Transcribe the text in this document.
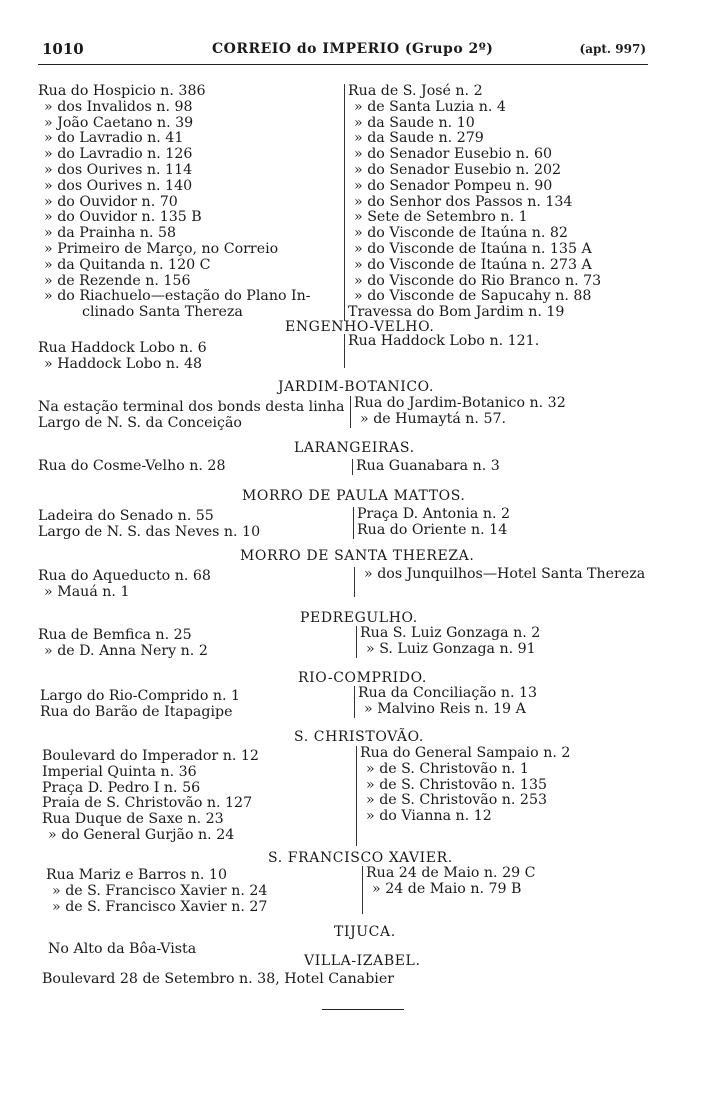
1010	CORREIO do IMPERIO (Grupo 2º)	(apt. 997)
Rua do Hospicio n. 386
» dos Invalidos n. 98
» João Caetano n. 39
» do Lavradio n. 41
» do Lavradio n. 126
» dos Ourives n. 114
» dos Ourives n. 140
» do Ouvidor n. 70
» do Ouvidor n. 135 B
» da Prainha n. 58
» Primeiro de Março, no Correio
» da Quitanda n. 120 C
» de Rezende n. 156
» do Riachuelo—estação do Plano In-
clinado Santa Thereza
Rua de S. José n. 2
» de Santa Luzia n. 4
» da Saude n. 10
» da Saude n. 279
» do Senador Eusebio n. 60
» do Senador Eusebio n. 202
» do Senador Pompeu n. 90
» do Senhor dos Passos n. 134
» Sete de Setembro n. 1
» do Visconde de Itaúna n. 82
» do Visconde de Itaúna n. 135 A
» do Visconde de Itaúna n. 273 A
» do Visconde do Rio Branco n. 73
» do Visconde de Sapucahy n. 88
Travessa do Bom Jardim n. 19
ENGENHO-VELHO.
Rua Haddock Lobo n. 6
» Haddock Lobo n. 48
Rua Haddock Lobo n. 121.
JARDIM-BOTANICO.
Na estação terminal dos bonds desta linha
Largo de N. S. da Conceição
Rua do Jardim-Botanico n. 32
» de Humaytá n. 57.
LARANGEIRAS.
Rua do Cosme-Velho n. 28	Rua Guanabara n. 3
MORRO DE PAULA MATTOS.
Ladeira do Senado n. 55
Largo de N. S. das Neves n. 10
Praça D. Antonia n. 2
Rua do Oriente n. 14
MORRO DE SANTA THEREZA.
Rua do Aqueducto n. 68
» Mauá n. 1
» dos Junquilhos—Hotel Santa Thereza
PEDREGULHO.
Rua de Bemfica n. 25
» de D. Anna Nery n. 2
Rua S. Luiz Gonzaga n. 2
» S. Luiz Gonzaga n. 91
RIO-COMPRIDO.
Largo do Rio-Comprido n. 1
Rua do Barão de Itapagipe
Rua da Conciliação n. 13
» Malvino Reis n. 19 A
S. CHRISTOVÃO.
Boulevard do Imperador n. 12
Imperial Quinta n. 36
Praça D. Pedro I n. 56
Praia de S. Christovão n. 127
Rua Duque de Saxe n. 23
» do General Gurjão n. 24
Rua do General Sampaio n. 2
» de S. Christovão n. 1
» de S. Christovão n. 135
» de S. Christovão n. 253
» do Vianna n. 12
S. FRANCISCO XAVIER.
Rua Mariz e Barros n. 10
» de S. Francisco Xavier n. 24
» de S. Francisco Xavier n. 27
Rua 24 de Maio n. 29 C
» 24 de Maio n. 79 B
TIJUCA.
No Alto da Bôa-Vista
VILLA-IZABEL.
Boulevard 28 de Setembro n. 38, Hotel Canabier
